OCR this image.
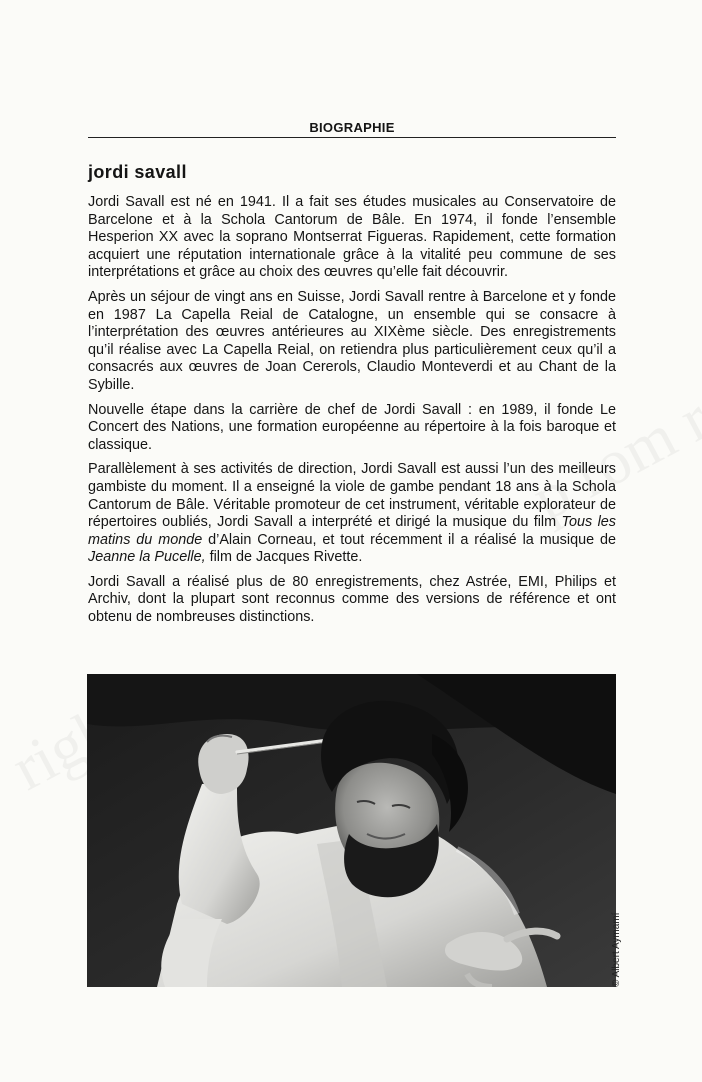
BIOGRAPHIE
jordi savall

Jordi Savall est né en 1941. Il a fait ses études musicales au Conservatoire de Barcelone et à la Schola Cantorum de Bâle. En 1974, il fonde l’ensemble Hesperion XX avec la soprano Montserrat Figueras. Rapidement, cette formation acquiert une réputation internationale grâce à la vitalité peu commune de ses interprétations et grâce au choix des œuvres qu’elle fait découvrir.

Après un séjour de vingt ans en Suisse, Jordi Savall rentre à Barcelone et y fonde en 1987 La Capella Reial de Catalogne, un ensemble qui se consacre à l’interprétation des œuvres antérieures au XIXème siècle. Des enregistrements qu’il réalise avec La Capella Reial, on retiendra plus particulièrement ceux qu’il a consacrés aux œuvres de Joan Cererols, Claudio Monteverdi et au Chant de la Sybille.

Nouvelle étape dans la carrière de chef de Jordi Savall : en 1989, il fonde Le Concert des Nations, une formation européenne au répertoire à la fois baroque et classique.

Parallèlement à ses activités de direction, Jordi Savall est aussi l’un des meilleurs gambiste du moment. Il a enseigné la viole de gambe pendant 18 ans à la Schola Cantorum de Bâle. Véritable promoteur de cet instrument, véritable explorateur de répertoires oubliés, Jordi Savall a interprété et dirigé la musique du film Tous les matins du monde d’Alain Corneau, et tout récemment il a réalisé la musique de Jeanne la Pucelle, film de Jacques Rivette.

Jordi Savall a réalisé plus de 80 enregistrements, chez Astrée, EMI, Philips et Archiv, dont la plupart sont reconnus comme des versions de référence et ont obtenu de nombreuses distinctions.

© Albert Aymamí
